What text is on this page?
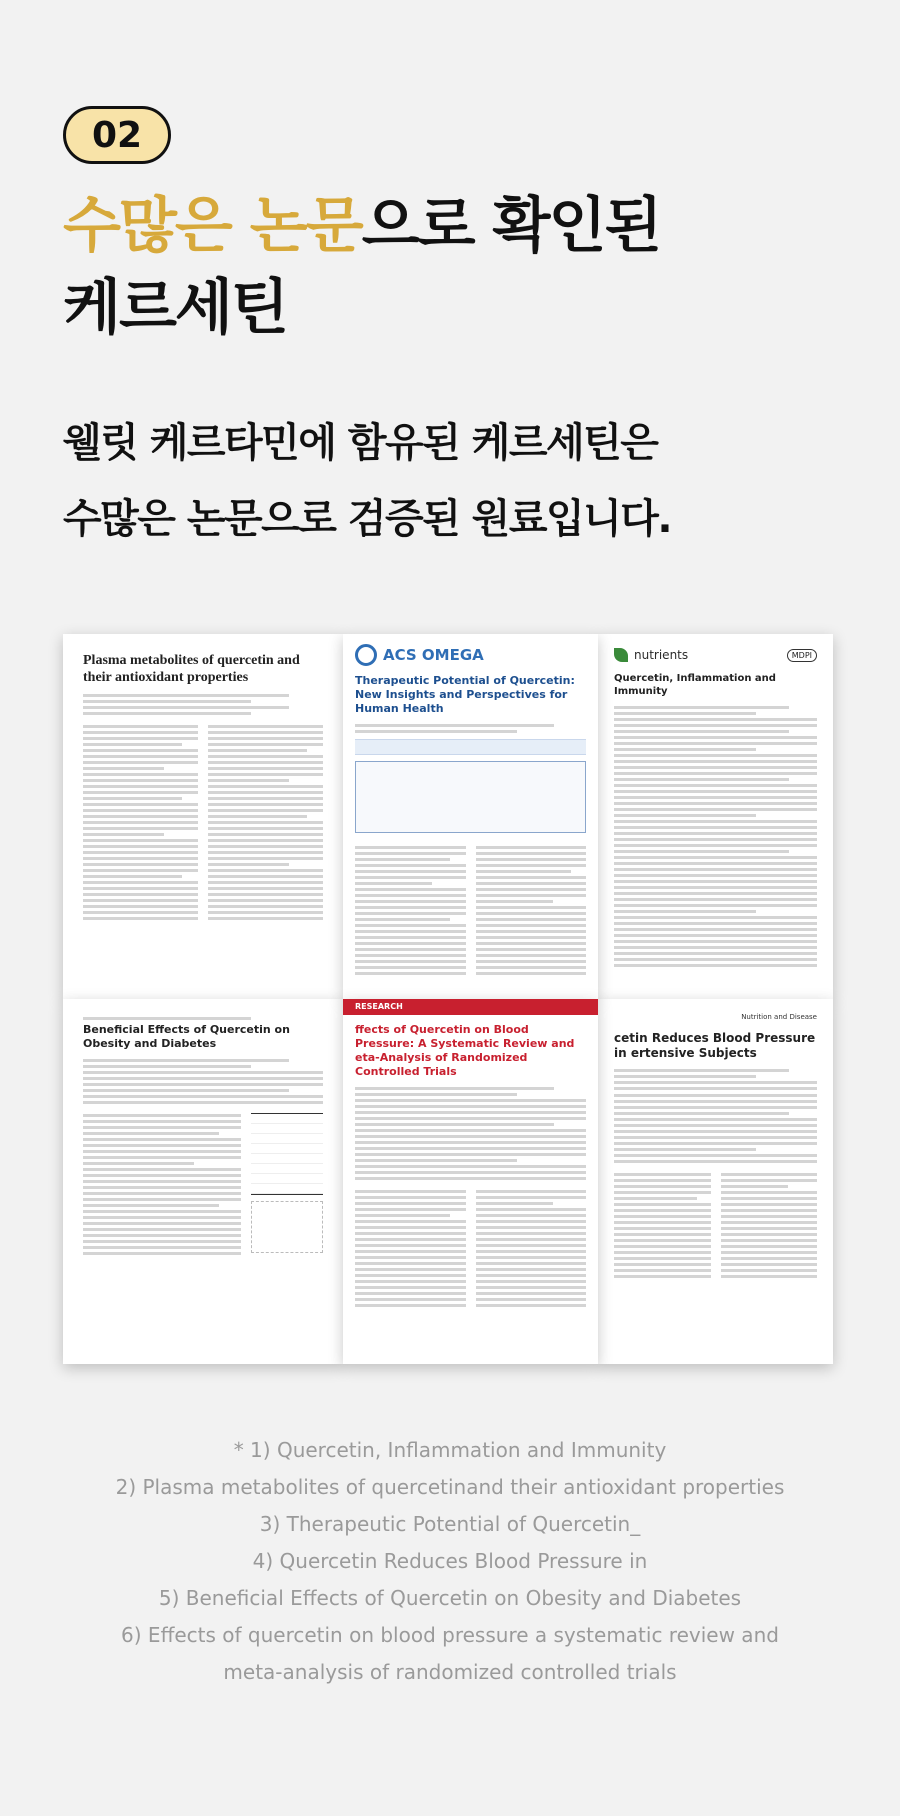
02
수많은 논문으로 확인된
케르세틴
웰릿 케르타민에 함유된 케르세틴은
수많은 논문으로 검증된 원료입니다.
Plasma metabolites of quercetin and their antioxidant properties
ACS OMEGA
Therapeutic Potential of Quercetin: New Insights and Perspectives for Human Health
nutrients	MDPI
Quercetin, Inflammation and Immunity
Beneficial Effects of Quercetin on Obesity and Diabetes
RESEARCH
ffects of Quercetin on Blood Pressure: A Systematic Review and eta-Analysis of Randomized Controlled Trials
Nutrition and Disease
cetin Reduces Blood Pressure in ertensive Subjects
* 1) Quercetin, Inflammation and Immunity
2) Plasma metabolites of quercetinand their antioxidant properties
3) Therapeutic Potential of Quercetin_
4) Quercetin Reduces Blood Pressure in
5) Beneficial Effects of Quercetin on Obesity and Diabetes
6) Effects of quercetin on blood pressure a systematic review and
meta-analysis of randomized controlled trials
